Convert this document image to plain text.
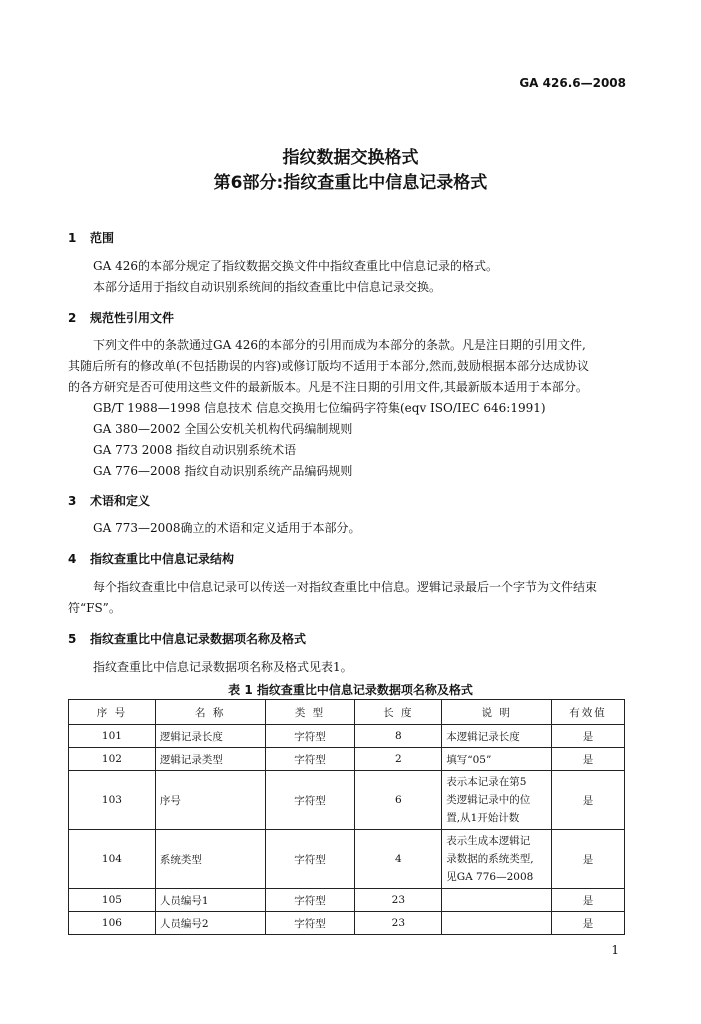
GA 426.6—2008
指纹数据交换格式
第6部分:指纹查重比中信息记录格式
1 范围
GA 426的本部分规定了指纹数据交换文件中指纹查重比中信息记录的格式。
本部分适用于指纹自动识别系统间的指纹查重比中信息记录交换。
2 规范性引用文件
下列文件中的条款通过GA 426的本部分的引用而成为本部分的条款。凡是注日期的引用文件,
其随后所有的修改单(不包括勘误的内容)或修订版均不适用于本部分,然而,鼓励根据本部分达成协议
的各方研究是否可使用这些文件的最新版本。凡是不注日期的引用文件,其最新版本适用于本部分。
GB/T 1988—1998 信息技术 信息交换用七位编码字符集(eqv ISO/IEC 646:1991)
GA 380—2002 全国公安机关机构代码编制规则
GA 773 2008 指纹自动识别系统术语
GA 776—2008 指纹自动识别系统产品编码规则
3 术语和定义
GA 773—2008确立的术语和定义适用于本部分。
4 指纹查重比中信息记录结构
每个指纹查重比中信息记录可以传送一对指纹查重比中信息。逻辑记录最后一个字节为文件结束
符“FS”。
5 指纹查重比中信息记录数据项名称及格式
指纹查重比中信息记录数据项名称及格式见表1。
表 1 指纹查重比中信息记录数据项名称及格式
序 号	名 称	类 型	长 度	说 明	有效值
101	逻辑记录长度	字符型	8	本逻辑记录长度	是
102	逻辑记录类型	字符型	2	填写“05”	是
103	序号	字符型	6	表示本记录在第5
类逻辑记录中的位
置,从1开始计数	是
104	系统类型	字符型	4	表示生成本逻辑记
录数据的系统类型,
见GA 776—2008	是
105	人员编号1	字符型	23		是
106	人员编号2	字符型	23		是
1
